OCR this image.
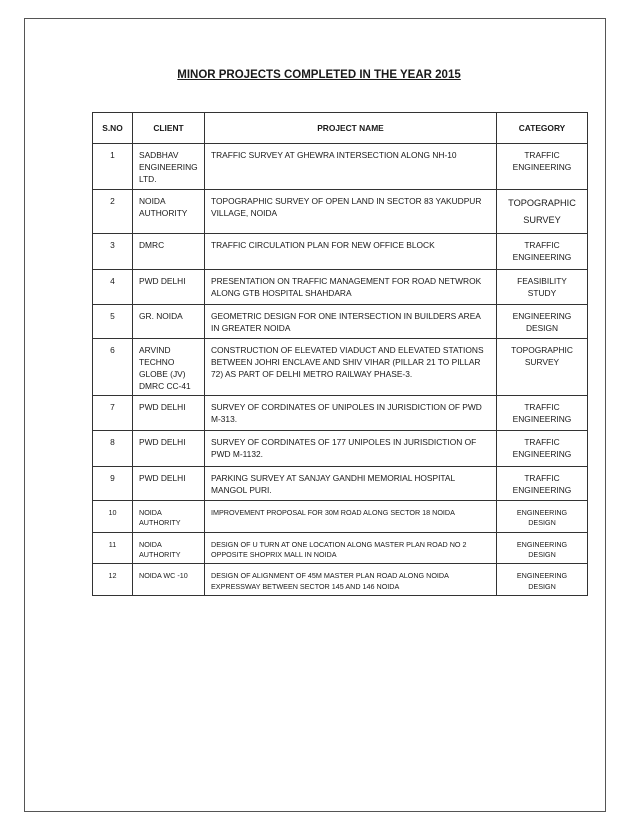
MINOR PROJECTS COMPLETED IN THE YEAR 2015
S.NO	CLIENT	PROJECT NAME	CATEGORY
1	SADBHAV ENGINEERING LTD.	TRAFFIC SURVEY AT GHEWRA INTERSECTION ALONG NH-10	TRAFFIC ENGINEERING
2	NOIDA AUTHORITY	TOPOGRAPHIC SURVEY OF OPEN LAND IN SECTOR 83 YAKUDPUR VILLAGE, NOIDA	TOPOGRAPHIC SURVEY
3	DMRC	TRAFFIC CIRCULATION PLAN FOR NEW OFFICE BLOCK	TRAFFIC ENGINEERING
4	PWD DELHI	PRESENTATION ON TRAFFIC MANAGEMENT FOR ROAD NETWROK ALONG GTB HOSPITAL SHAHDARA	FEASIBILITY STUDY
5	GR. NOIDA	GEOMETRIC DESIGN FOR ONE INTERSECTION IN BUILDERS AREA IN GREATER NOIDA	ENGINEERING DESIGN
6	ARVIND TECHNO GLOBE (JV) DMRC CC-41	CONSTRUCTION OF ELEVATED VIADUCT AND ELEVATED STATIONS BETWEEN JOHRI ENCLAVE AND SHIV VIHAR (PILLAR 21 TO PILLAR 72) AS PART OF DELHI METRO RAILWAY PHASE-3.	TOPOGRAPHIC SURVEY
7	PWD DELHI	SURVEY OF CORDINATES OF UNIPOLES IN JURISDICTION OF PWD M-313.	TRAFFIC ENGINEERING
8	PWD DELHI	SURVEY OF CORDINATES OF 177 UNIPOLES IN JURISDICTION OF PWD M-1132.	TRAFFIC ENGINEERING
9	PWD DELHI	PARKING SURVEY AT SANJAY GANDHI MEMORIAL HOSPITAL MANGOL PURI.	TRAFFIC ENGINEERING
10	NOIDA AUTHORITY	IMPROVEMENT PROPOSAL FOR 30M ROAD ALONG SECTOR 18 NOIDA	ENGINEERING DESIGN
11	NOIDA AUTHORITY	DESIGN OF U TURN AT ONE LOCATION ALONG MASTER PLAN ROAD NO 2 OPPOSITE SHOPRIX MALL IN NOIDA	ENGINEERING DESIGN
12	NOIDA WC -10	DESIGN OF ALIGNMENT OF 45M MASTER PLAN ROAD ALONG NOIDA EXPRESSWAY BETWEEN SECTOR 145 AND 146 NOIDA	ENGINEERING DESIGN
